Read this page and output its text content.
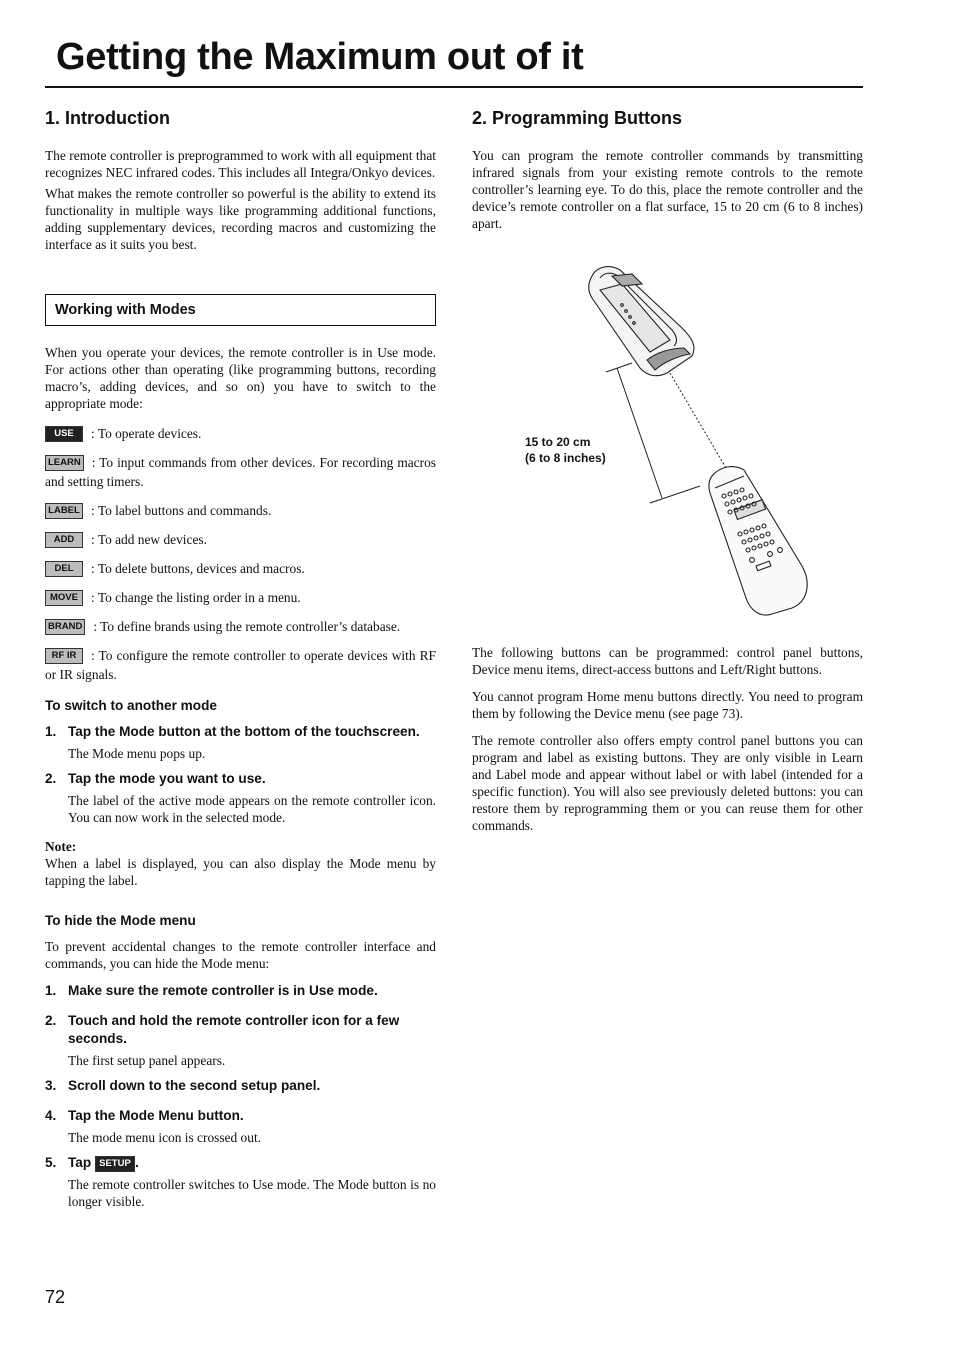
Getting the Maximum out of it
1. Introduction

The remote controller is preprogrammed to work with all equipment that recognizes NEC infrared codes. This includes all Integra/Onkyo devices.

What makes the remote controller so powerful is the ability to extend its functionality in multiple ways like programming additional functions, adding supplementary devices, recording macros and customizing the interface as it suits you best.

Working with Modes

When you operate your devices, the remote controller is in Use mode. For actions other than operating (like programming buttons, recording macro’s, adding devices, and so on) you have to switch to the appropriate mode:

USE : To operate devices.
LEARN : To input commands from other devices. For recording macros and setting timers.
LABEL : To label buttons and commands.
ADD : To add new devices.
DEL : To delete buttons, devices and macros.
MOVE : To change the listing order in a menu.
BRAND : To define brands using the remote controller’s database.
RF IR : To configure the remote controller to operate devices with RF or IR signals.
To switch to another mode
1. Tap the Mode button at the bottom of the touchscreen.

The Mode menu pops up.

2. Tap the mode you want to use.

The label of the active mode appears on the remote controller icon. You can now work in the selected mode.

Note:

When a label is displayed, you can also display the Mode menu by tapping the label.

To hide the Mode menu

To prevent accidental changes to the remote controller interface and commands, you can hide the Mode menu:

1. Make sure the remote controller is in Use mode.
2. Touch and hold the remote controller icon for a few seconds.

The first setup panel appears.

3. Scroll down to the second setup panel.
4. Tap the Mode Menu button.

The mode menu icon is crossed out.

5. Tap SETUP .

The remote controller switches to Use mode. The Mode button is no longer visible.

2. Programming Buttons

You can program the remote controller commands by transmitting infrared signals from your existing remote controls to the remote controller’s learning eye. To do this, place the remote controller and the device’s remote controller on a flat surface, 15 to 20 cm (6 to 8 inches) apart.

15 to 20 cm
(6 to 8 inches)

The following buttons can be programmed: control panel buttons, Device menu items, direct-access buttons and Left/Right buttons.

You cannot program Home menu buttons directly. You need to program them by following the Device menu (see page 73).

The remote controller also offers empty control panel buttons you can program and label as existing buttons. They are only visible in Learn and Label mode and appear without label or with label (intended for a specific function). You will also see previously deleted buttons: you can restore them by reprogramming them or you can reuse them for other commands.

72
